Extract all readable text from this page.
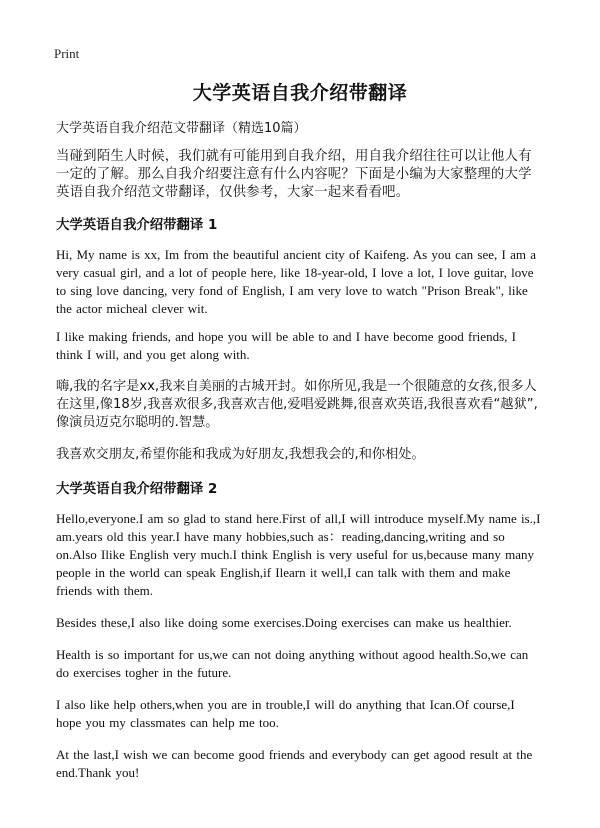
Print
大学英语自我介绍带翻译

大学英语自我介绍范文带翻译（精选10篇）

当碰到陌生人时候，我们就有可能用到自我介绍，用自我介绍往往可以让他人有一定的了解。那么自我介绍要注意有什么内容呢？下面是小编为大家整理的大学英语自我介绍范文带翻译，仅供参考，大家一起来看看吧。

大学英语自我介绍带翻译 1

Hi, My name is xx, Im from the beautiful ancient city of Kaifeng. As you can see, I am a very casual girl, and a lot of people here, like 18-year-old, I love a lot, I love guitar, love to sing love dancing, very fond of English, I am very love to watch "Prison Break", like the actor micheal clever wit.

I like making friends, and hope you will be able to and I have become good friends, I think I will, and you get along with.

嗨,我的名字是xx,我来自美丽的古城开封。如你所见,我是一个很随意的女孩,很多人在这里,像18岁,我喜欢很多,我喜欢吉他,爱唱爱跳舞,很喜欢英语,我很喜欢看“越狱”,像演员迈克尔聪明的.智慧。

我喜欢交朋友,希望你能和我成为好朋友,我想我会的,和你相处。

大学英语自我介绍带翻译 2

Hello,everyone.I am so glad to stand here.First of all,I will introduce myself.My name is.,I am.years old this year.I have many hobbies,such as：reading,dancing,writing and so on.Also Ilike English very much.I think English is very useful for us,because many many people in the world can speak English,if Ilearn it well,I can talk with them and make friends with them.

Besides these,I also like doing some exercises.Doing exercises can make us healthier.

Health is so important for us,we can not doing anything without agood health.So,we can do exercises togher in the future.

I also like help others,when you are in trouble,I will do anything that Ican.Of course,I hope you my classmates can help me too.

At the last,I wish we can become good friends and everybody can get agood result at the end.Thank you!
